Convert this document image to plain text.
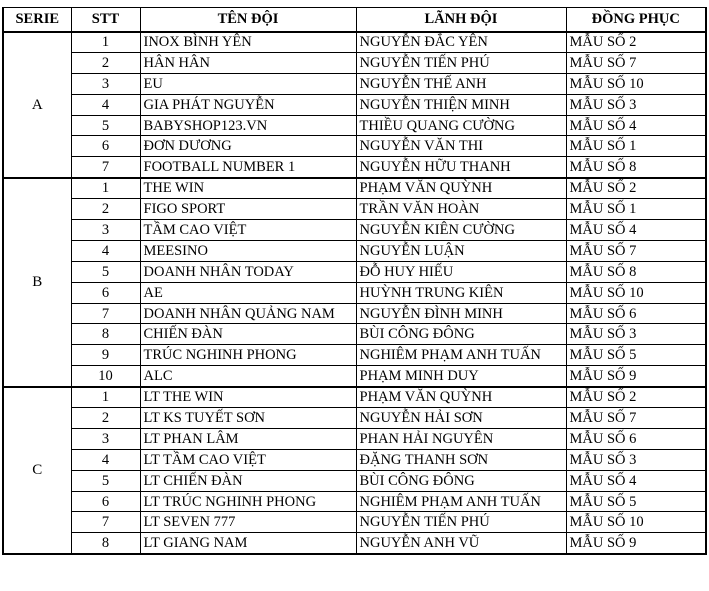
SERIE	STT	TÊN ĐỘI	LÃNH ĐỘI	ĐỒNG PHỤC
A	1	INOX BÌNH YÊN	NGUYỄN ĐẮC YÊN	MẪU SỐ 2
	2	HÂN HÂN	NGUYỄN TIẾN PHÚ	MẪU SỐ 7
	3	EU	NGUYỄN THẾ ANH	MẪU SỐ 10
	4	GIA PHÁT NGUYỄN	NGUYỄN THIỆN MINH	MẪU SỐ 3
	5	BABYSHOP123.VN	THIỀU QUANG CƯỜNG	MẪU SỐ 4
	6	ĐƠN DƯƠNG	NGUYỄN VĂN THI	MẪU SỐ 1
	7	FOOTBALL NUMBER 1	NGUYỄN HỮU THANH	MẪU SỐ 8
B	1	THE WIN	PHẠM VĂN QUỲNH	MẪU SỐ 2
	2	FIGO SPORT	TRẦN VĂN HOÀN	MẪU SỐ 1
	3	TẦM CAO VIỆT	NGUYỄN KIÊN CƯỜNG	MẪU SỐ 4
	4	MEESINO	NGUYỄN LUẬN	MẪU SỐ 7
	5	DOANH NHÂN TODAY	ĐỖ HUY HIẾU	MẪU SỐ 8
	6	AE	HUỲNH TRUNG KIÊN	MẪU SỐ 10
	7	DOANH NHÂN QUẢNG NAM	NGUYỄN ĐÌNH MINH	MẪU SỐ 6
	8	CHIẾN ĐÀN	BÙI CÔNG ĐÔNG	MẪU SỐ 3
	9	TRÚC NGHINH PHONG	NGHIÊM PHẠM ANH TUẤN	MẪU SỐ 5
	10	ALC	PHẠM MINH DUY	MẪU SỐ 9
C	1	LT THE WIN	PHẠM VĂN QUỲNH	MẪU SỐ 2
	2	LT KS TUYẾT SƠN	NGUYỄN HẢI SƠN	MẪU SỐ 7
	3	LT PHAN LÂM	PHAN HẢI NGUYÊN	MẪU SỐ 6
	4	LT TẦM CAO VIỆT	ĐẶNG THANH SƠN	MẪU SỐ 3
	5	LT CHIẾN ĐÀN	BÙI CÔNG ĐÔNG	MẪU SỐ 4
	6	LT TRÚC NGHINH PHONG	NGHIÊM PHẠM ANH TUẤN	MẪU SỐ 5
	7	LT SEVEN 777	NGUYỄN TIẾN PHÚ	MẪU SỐ 10
	8	LT GIANG NAM	NGUYỄN ANH VŨ	MẪU SỐ 9
